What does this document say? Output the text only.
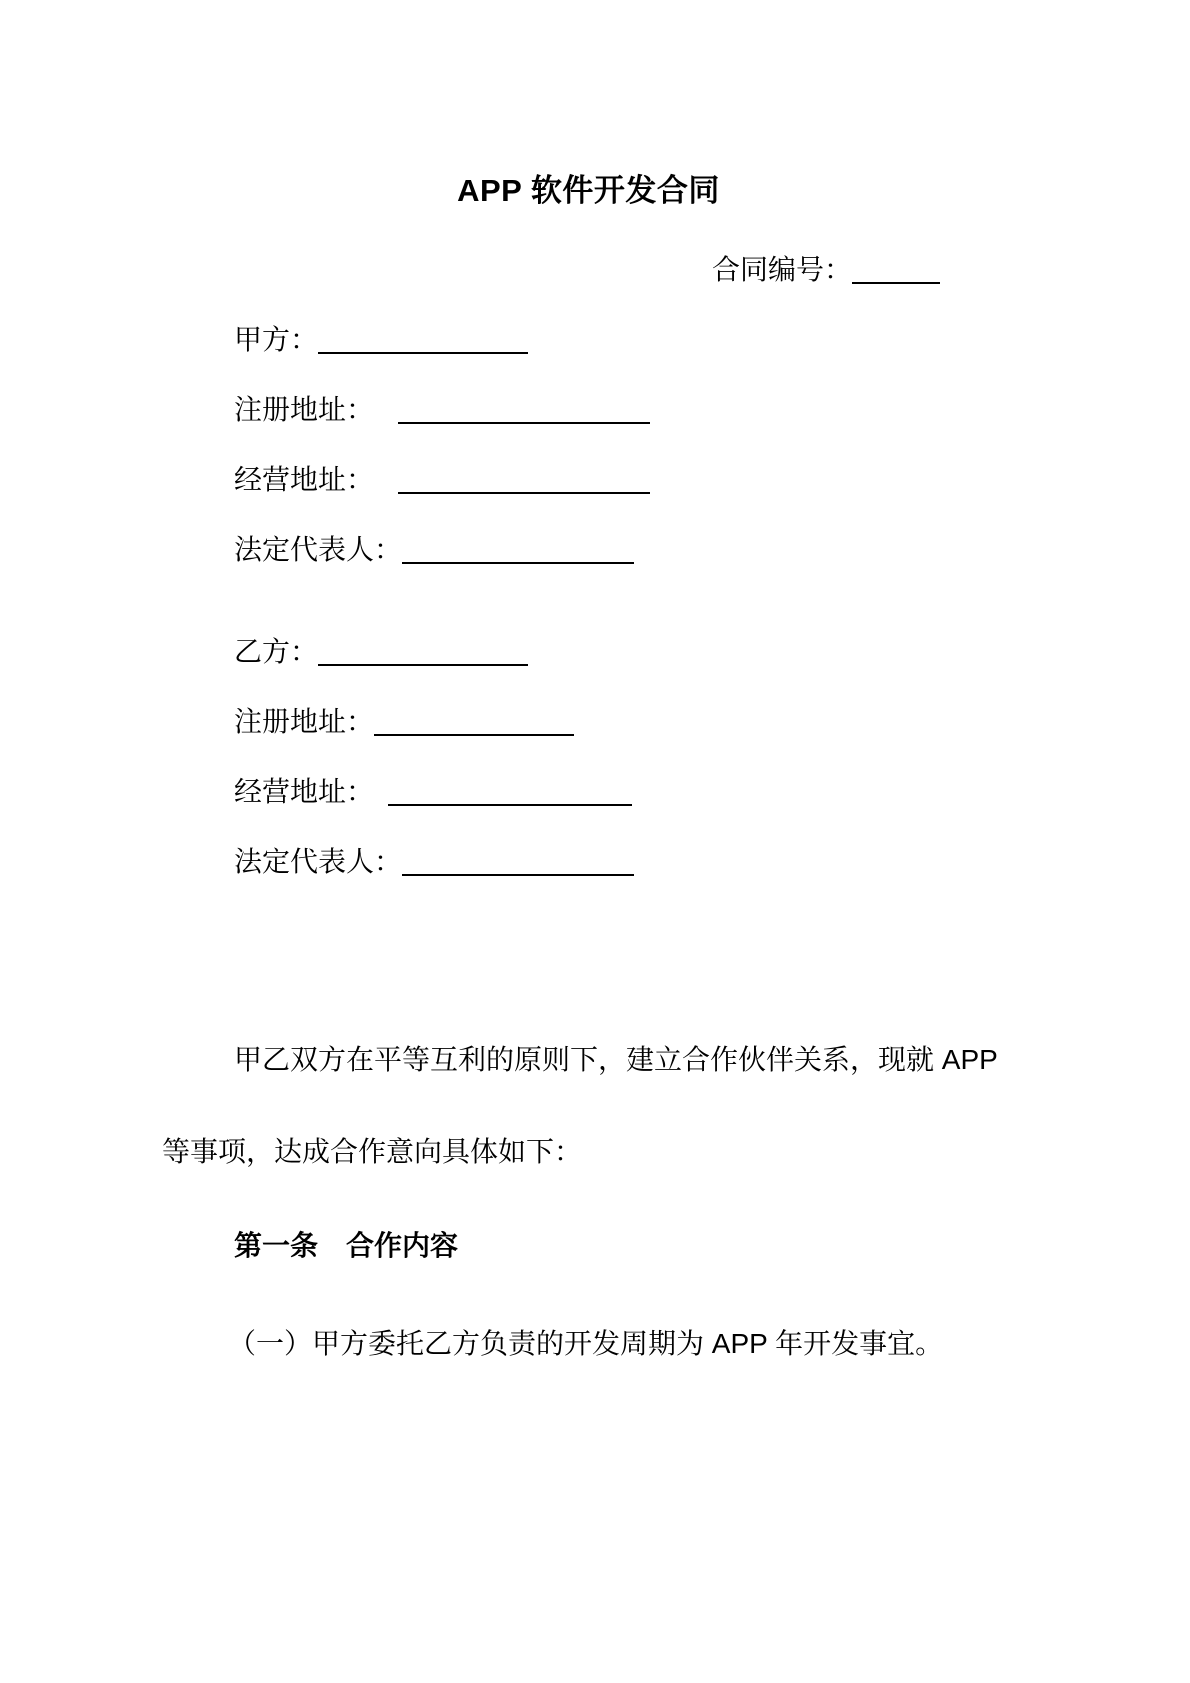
APP 软件开发合同
合同编号：
甲方：
注册地址：
经营地址：
法定代表人：
乙方：
注册地址：
经营地址：
法定代表人：
甲乙双方在平等互利的原则下，建立合作伙伴关系，现就 APP
等事项，达成合作意向具体如下：
第一条　合作内容
（一）甲方委托乙方负责的开发周期为 APP 年开发事宜。
